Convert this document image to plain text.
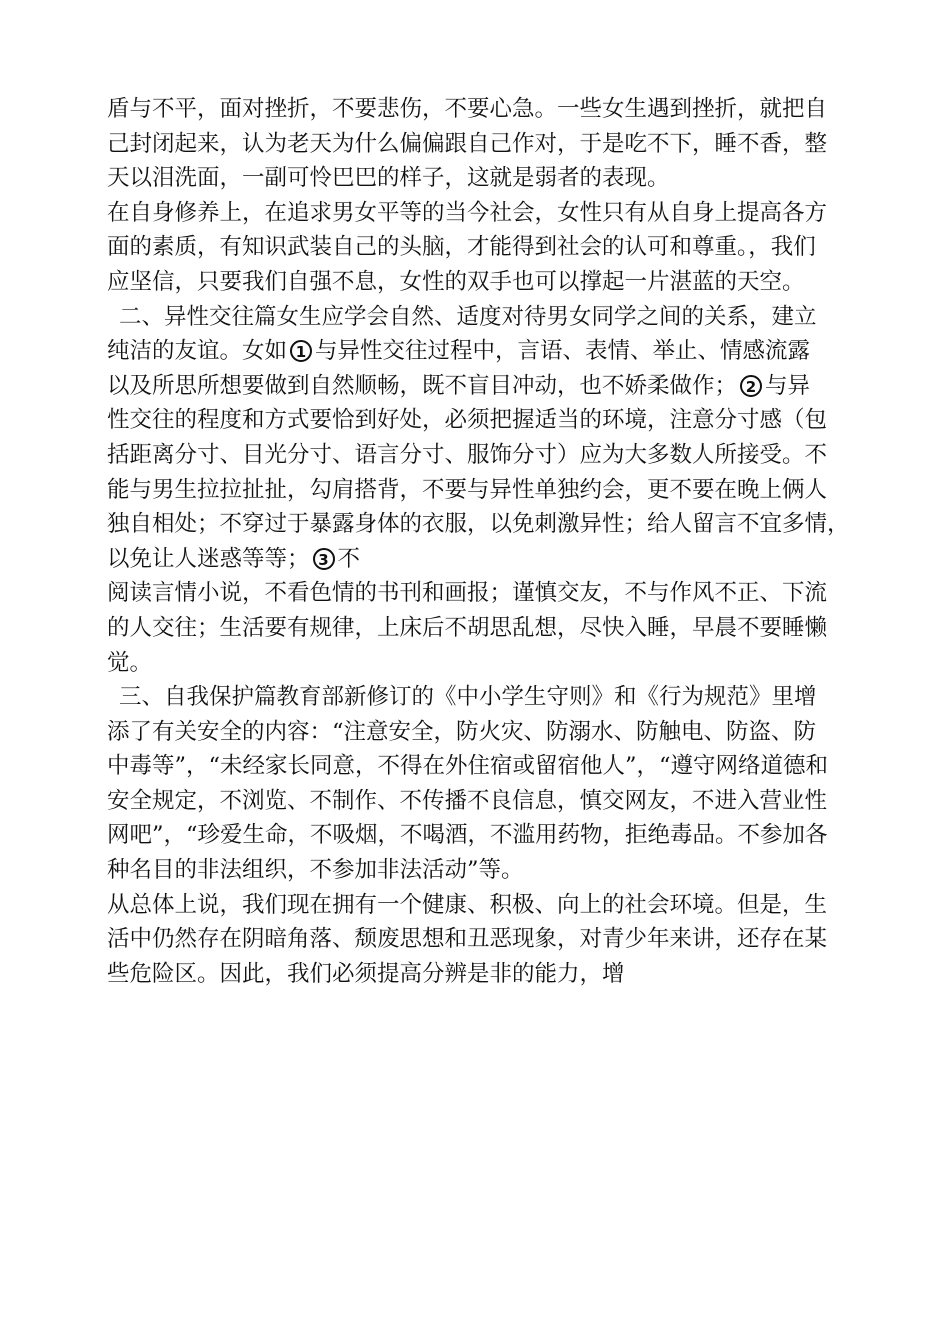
盾与不平，面对挫折，不要悲伤，不要心急。一些女生遇到挫折，就把自
己封闭起来，认为老天为什么偏偏跟自己作对，于是吃不下，睡不香，整
天以泪洗面，一副可怜巴巴的样子，这就是弱者的表现。
在自身修养上，在追求男女平等的当今社会，女性只有从自身上提高各方
面的素质，有知识武装自己的头脑，才能得到社会的认可和尊重。，我们
应坚信，只要我们自强不息，女性的双手也可以撑起一片湛蓝的天空。
二、异性交往篇女生应学会自然、适度对待男女同学之间的关系，建立
纯洁的友谊。女如 1 与异性交往过程中，言语、表情、举止、情感流露
以及所思所想要做到自然顺畅，既不盲目冲动，也不娇柔做作； 2 与异
性交往的程度和方式要恰到好处，必须把握适当的环境，注意分寸感（包
括距离分寸、目光分寸、语言分寸、服饰分寸）应为大多数人所接受。不
能与男生拉拉扯扯，勾肩搭背，不要与异性单独约会，更不要在晚上俩人
独自相处；不穿过于暴露身体的衣服，以免刺激异性；给人留言不宜多情，
以免让人迷惑等等； 3 不
阅读言情小说，不看色情的书刊和画报；谨慎交友，不与作风不正、下流
的人交往；生活要有规律，上床后不胡思乱想，尽快入睡，早晨不要睡懒
觉。
三、自我保护篇教育部新修订的《中小学生守则》和《行为规范》里增
添了有关安全的内容：“注意安全，防火灾、防溺水、防触电、防盗、防
中毒等”，“未经家长同意，不得在外住宿或留宿他人”，“遵守网络道德和
安全规定，不浏览、不制作、不传播不良信息，慎交网友，不进入营业性
网吧”，“珍爱生命，不吸烟，不喝酒，不滥用药物，拒绝毒品。不参加各
种名目的非法组织，不参加非法活动”等。
从总体上说，我们现在拥有一个健康、积极、向上的社会环境。但是，生
活中仍然存在阴暗角落、颓废思想和丑恶现象，对青少年来讲，还存在某
些危险区。因此，我们必须提高分辨是非的能力，增
